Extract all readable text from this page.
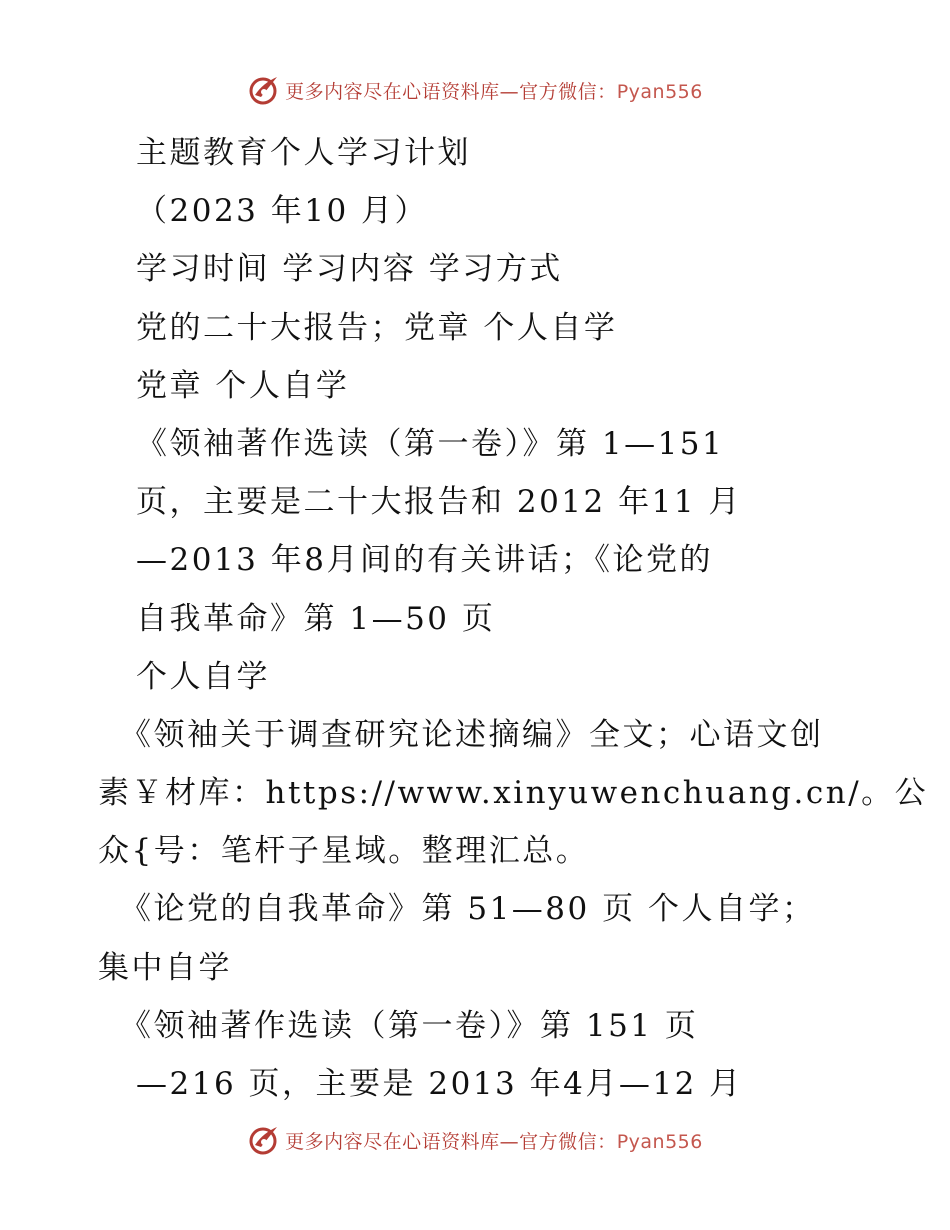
更多内容尽在心语资料库—官方微信：Pyan556
主题教育个人学习计划
（2023 年10 月）
学习时间 学习内容 学习方式
党的二十大报告；党章 个人自学
党章 个人自学
《领袖著作选读（第一卷）》第 1—151
页，主要是二十大报告和 2012 年11 月
—2013 年8月间的有关讲话；《论党的
自我革命》第 1—50 页
个人自学
《领袖关于调查研究论述摘编》全文；心语文创
素￥材库：https://www.xinyuwenchuang.cn/。公
众{号：笔杆子星域。整理汇总。
《论党的自我革命》第 51—80 页 个人自学；
集中自学
《领袖著作选读（第一卷）》第 151 页
—216 页，主要是 2013 年4月—12 月
更多内容尽在心语资料库—官方微信：Pyan556
